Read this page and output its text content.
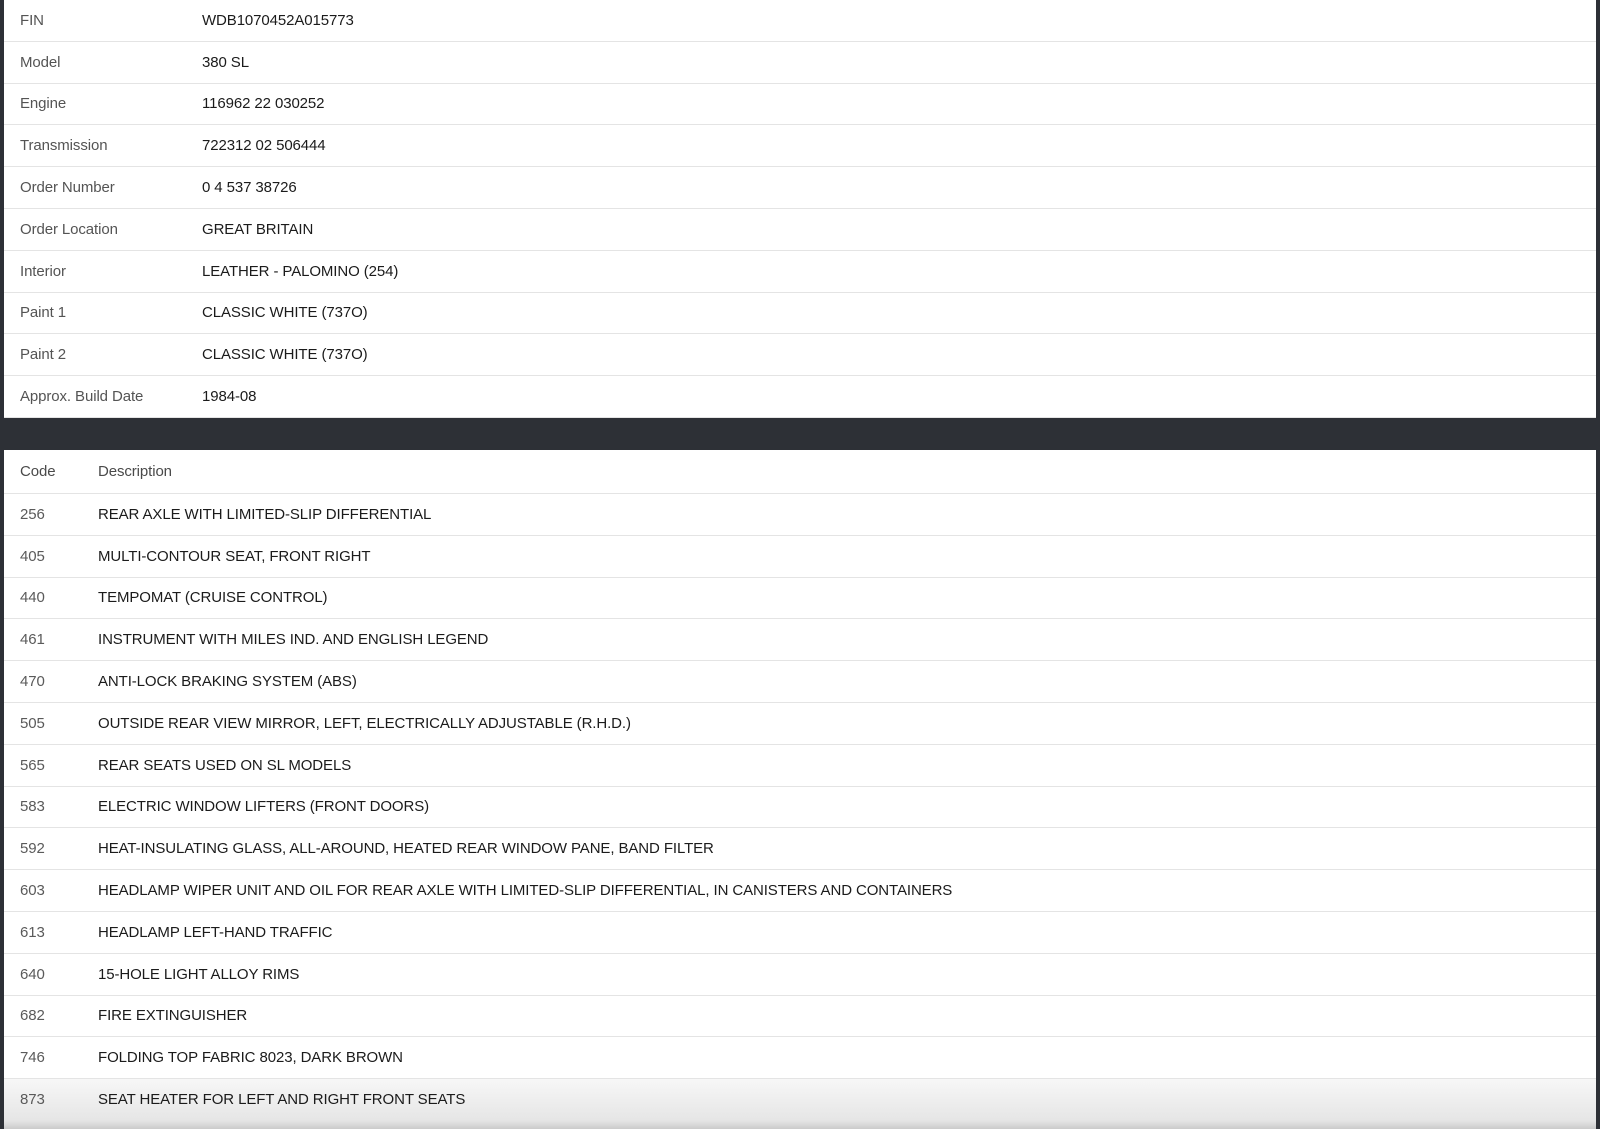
FIN	WDB1070452A015773
Model	380 SL
Engine	116962 22 030252
Transmission	722312 02 506444
Order Number	0 4 537 38726
Order Location	GREAT BRITAIN
Interior	LEATHER - PALOMINO (254)
Paint 1	CLASSIC WHITE (737O)
Paint 2	CLASSIC WHITE (737O)
Approx. Build Date	1984-08
Code	Description
256	REAR AXLE WITH LIMITED-SLIP DIFFERENTIAL
405	MULTI-CONTOUR SEAT, FRONT RIGHT
440	TEMPOMAT (CRUISE CONTROL)
461	INSTRUMENT WITH MILES IND. AND ENGLISH LEGEND
470	ANTI-LOCK BRAKING SYSTEM (ABS)
505	OUTSIDE REAR VIEW MIRROR, LEFT, ELECTRICALLY ADJUSTABLE (R.H.D.)
565	REAR SEATS USED ON SL MODELS
583	ELECTRIC WINDOW LIFTERS (FRONT DOORS)
592	HEAT-INSULATING GLASS, ALL-AROUND, HEATED REAR WINDOW PANE, BAND FILTER
603	HEADLAMP WIPER UNIT AND OIL FOR REAR AXLE WITH LIMITED-SLIP DIFFERENTIAL, IN CANISTERS AND CONTAINERS
613	HEADLAMP LEFT-HAND TRAFFIC
640	15-HOLE LIGHT ALLOY RIMS
682	FIRE EXTINGUISHER
746	FOLDING TOP FABRIC 8023, DARK BROWN
873	SEAT HEATER FOR LEFT AND RIGHT FRONT SEATS
